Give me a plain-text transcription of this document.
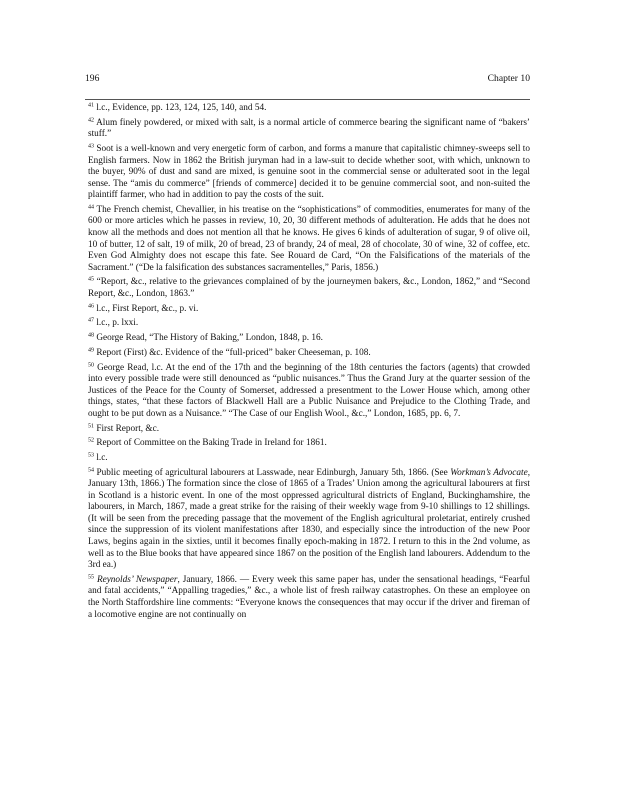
196	Chapter 10

$^{41}$ l.c., Evidence, pp. 123, 124, 125, 140, and 54.

$^{42}$ Alum finely powdered, or mixed with salt, is a normal article of commerce bearing the significant name of “bakers’ stuff.”

$^{43}$ Soot is a well-known and very energetic form of carbon, and forms a manure that capitalistic chimney-sweeps sell to English farmers. Now in 1862 the British juryman had in a law-suit to decide whether soot, with which, unknown to the buyer, 90% of dust and sand are mixed, is genuine soot in the commercial sense or adulterated soot in the legal sense. The “amis du commerce” [friends of commerce] decided it to be genuine commercial soot, and non-suited the plaintiff farmer, who had in addition to pay the costs of the suit.

$^{44}$ The French chemist, Chevallier, in his treatise on the “sophistications” of commodities, enumerates for many of the 600 or more articles which he passes in review, 10, 20, 30 different methods of adulteration. He adds that he does not know all the methods and does not mention all that he knows. He gives 6 kinds of adulteration of sugar, 9 of olive oil, 10 of butter, 12 of salt, 19 of milk, 20 of bread, 23 of brandy, 24 of meal, 28 of chocolate, 30 of wine, 32 of coffee, etc. Even God Almighty does not escape this fate. See Rouard de Card, “On the Falsifications of the materials of the Sacrament.” (“De la falsification des substances sacramentelles,” Paris, 1856.)

$^{45}$ “Report, &c., relative to the grievances complained of by the journeymen bakers, &c., London, 1862,” and “Second Report, &c., London, 1863.”

$^{46}$ l.c., First Report, &c., p. vi.

$^{47}$ l.c., p. lxxi.

$^{48}$ George Read, “The History of Baking,” London, 1848, p. 16.

$^{49}$ Report (First) &c. Evidence of the “full-priced” baker Cheeseman, p. 108.

$^{50}$ George Read, l.c. At the end of the 17th and the beginning of the 18th centuries the factors (agents) that crowded into every possible trade were still denounced as “public nuisances.” Thus the Grand Jury at the quarter session of the Justices of the Peace for the County of Somerset, addressed a presentment to the Lower House which, among other things, states, “that these factors of Blackwell Hall are a Public Nuisance and Prejudice to the Clothing Trade, and ought to be put down as a Nuisance.” “The Case of our English Wool., &c.,” London, 1685, pp. 6, 7.

$^{51}$ First Report, &c.

$^{52}$ Report of Committee on the Baking Trade in Ireland for 1861.

$^{53}$ l.c.

$^{54}$ Public meeting of agricultural labourers at Lasswade, near Edinburgh, January 5th, 1866. (See Workman’s Advocate, January 13th, 1866.) The formation since the close of 1865 of a Trades’ Union among the agricultural labourers at first in Scotland is a historic event. In one of the most oppressed agricultural districts of England, Buckinghamshire, the labourers, in March, 1867, made a great strike for the raising of their weekly wage from 9-10 shillings to 12 shillings. (It will be seen from the preceding passage that the movement of the English agricultural proletariat, entirely crushed since the suppression of its violent manifestations after 1830, and especially since the introduction of the new Poor Laws, begins again in the sixties, until it becomes finally epoch-making in 1872. I return to this in the 2nd volume, as well as to the Blue books that have appeared since 1867 on the position of the English land labourers. Addendum to the 3rd ea.)

$^{55}$ Reynolds’ Newspaper, January, 1866. — Every week this same paper has, under the sensational headings, “Fearful and fatal accidents,” “Appalling tragedies,” &c., a whole list of fresh railway catastrophes. On these an employee on the North Staffordshire line comments: “Everyone knows the consequences that may occur if the driver and fireman of a locomotive engine are not continually on
